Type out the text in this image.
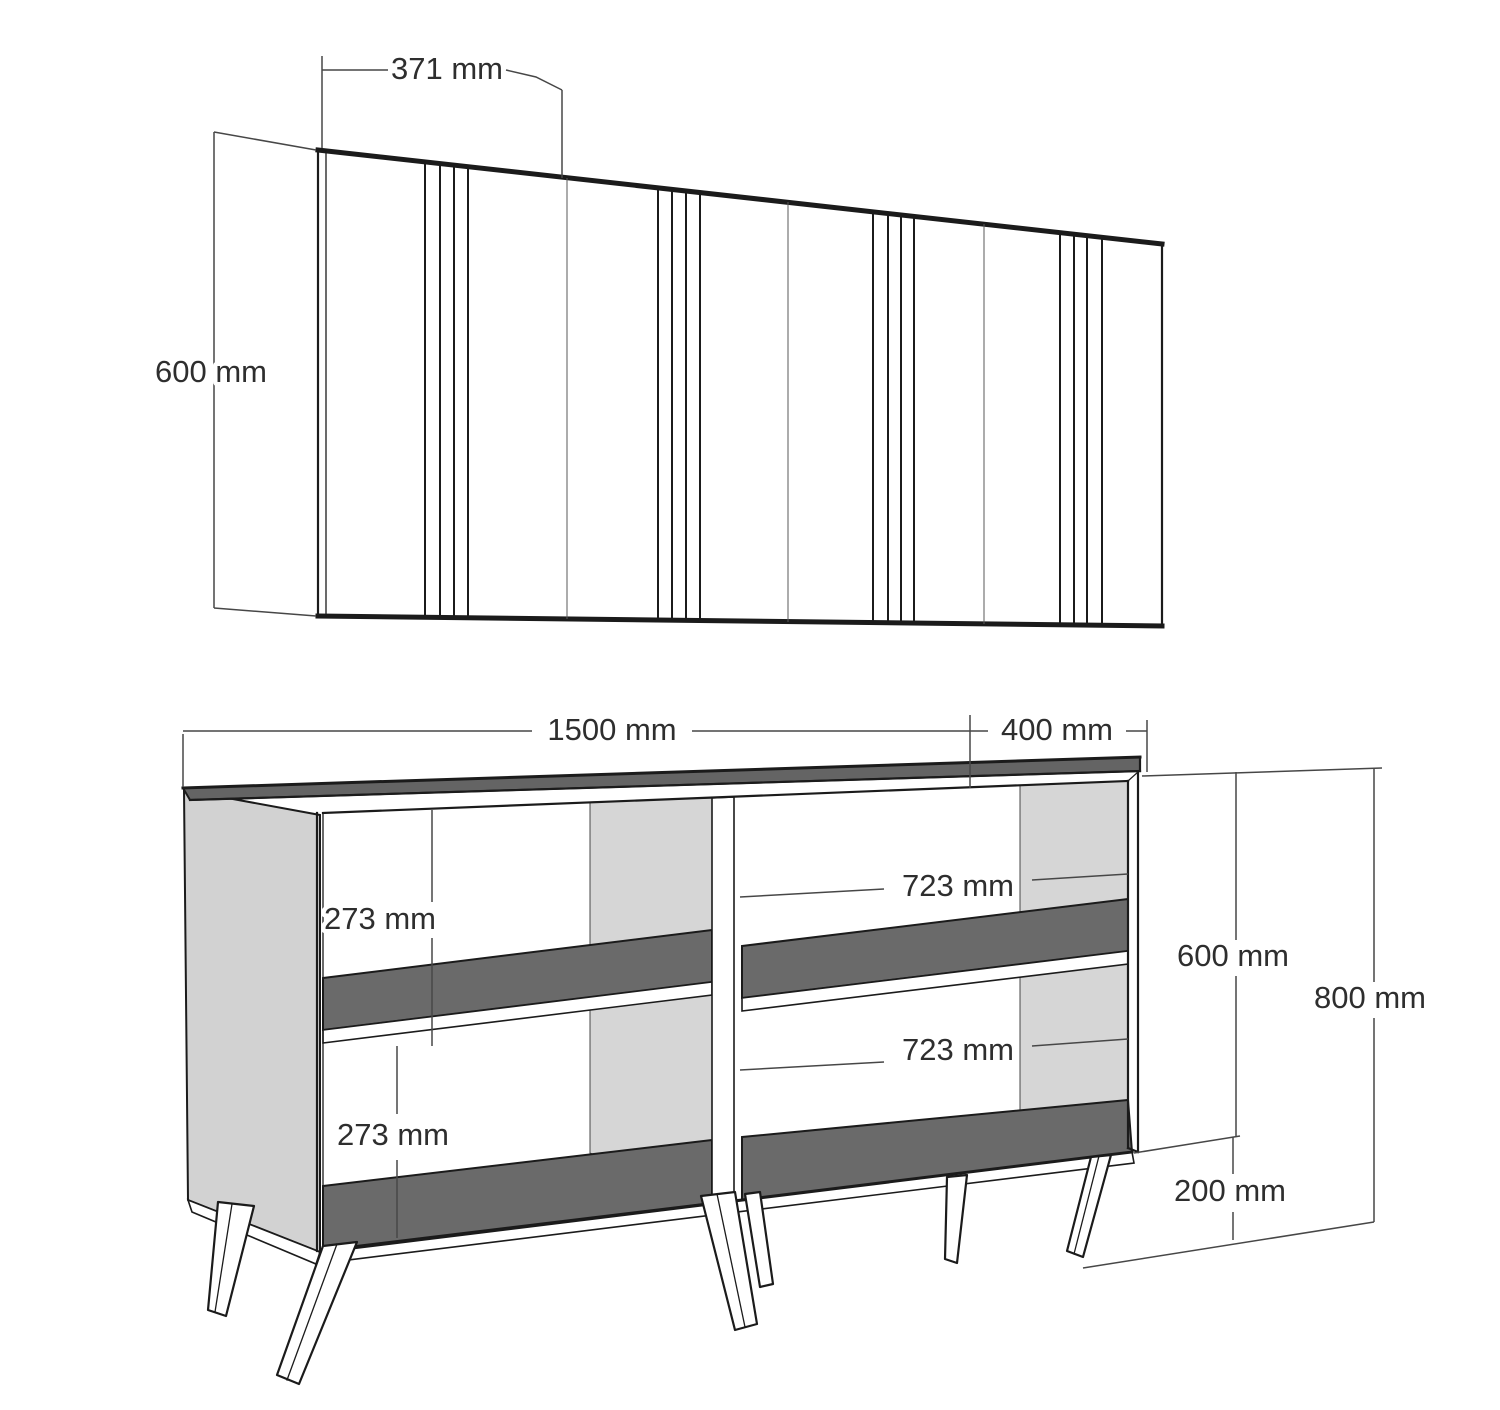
371 mm
600 mm
1500 mm	400 mm
273 mm
273 mm
723 mm
723 mm
600 mm
200 mm
800 mm
